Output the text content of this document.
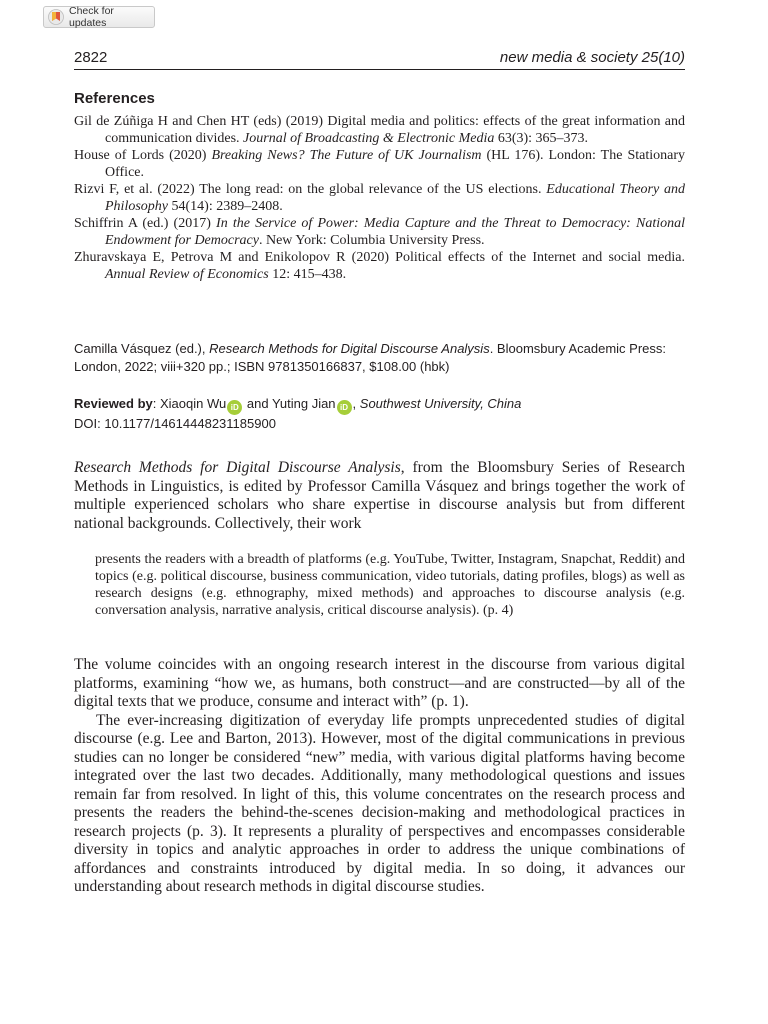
Check for updates
2822	new media & society 25(10)
References
Gil de Zúñiga H and Chen HT (eds) (2019) Digital media and politics: effects of the great information and communication divides. Journal of Broadcasting & Electronic Media 63(3): 365–373.
House of Lords (2020) Breaking News? The Future of UK Journalism (HL 176). London: The Stationary Office.
Rizvi F, et al. (2022) The long read: on the global relevance of the US elections. Educational Theory and Philosophy 54(14): 2389–2408.
Schiffrin A (ed.) (2017) In the Service of Power: Media Capture and the Threat to Democracy: National Endowment for Democracy. New York: Columbia University Press.
Zhuravskaya E, Petrova M and Enikolopov R (2020) Political effects of the Internet and social media. Annual Review of Economics 12: 415–438.
Camilla Vásquez (ed.), Research Methods for Digital Discourse Analysis. Bloomsbury Academic Press: London, 2022; viii+320 pp.; ISBN 9781350166837, $108.00 (hbk)
Reviewed by: Xiaoqin Wu iD and Yuting Jian iD , Southwest University, China
DOI: 10.1177/14614448231185900
Research Methods for Digital Discourse Analysis, from the Bloomsbury Series of Research Methods in Linguistics, is edited by Professor Camilla Vásquez and brings together the work of multiple experienced scholars who share expertise in discourse analysis but from different national backgrounds. Collectively, their work
presents the readers with a breadth of platforms (e.g. YouTube, Twitter, Instagram, Snapchat, Reddit) and topics (e.g. political discourse, business communication, video tutorials, dating profiles, blogs) as well as research designs (e.g. ethnography, mixed methods) and approaches to discourse analysis (e.g. conversation analysis, narrative analysis, critical discourse analysis). (p. 4)

The volume coincides with an ongoing research interest in the discourse from various digital platforms, examining “how we, as humans, both construct—and are constructed—by all of the digital texts that we produce, consume and interact with” (p. 1).

The ever-increasing digitization of everyday life prompts unprecedented studies of digital discourse (e.g. Lee and Barton, 2013). However, most of the digital communications in previous studies can no longer be considered “new” media, with various digital platforms having become integrated over the last two decades. Additionally, many methodological questions and issues remain far from resolved. In light of this, this volume concentrates on the research process and presents the readers the behind-the-scenes decision-making and methodological practices in research projects (p. 3). It represents a plurality of perspectives and encompasses considerable diversity in topics and analytic approaches in order to address the unique combinations of affordances and constraints introduced by digital media. In so doing, it advances our understanding about research methods in digital discourse studies.
